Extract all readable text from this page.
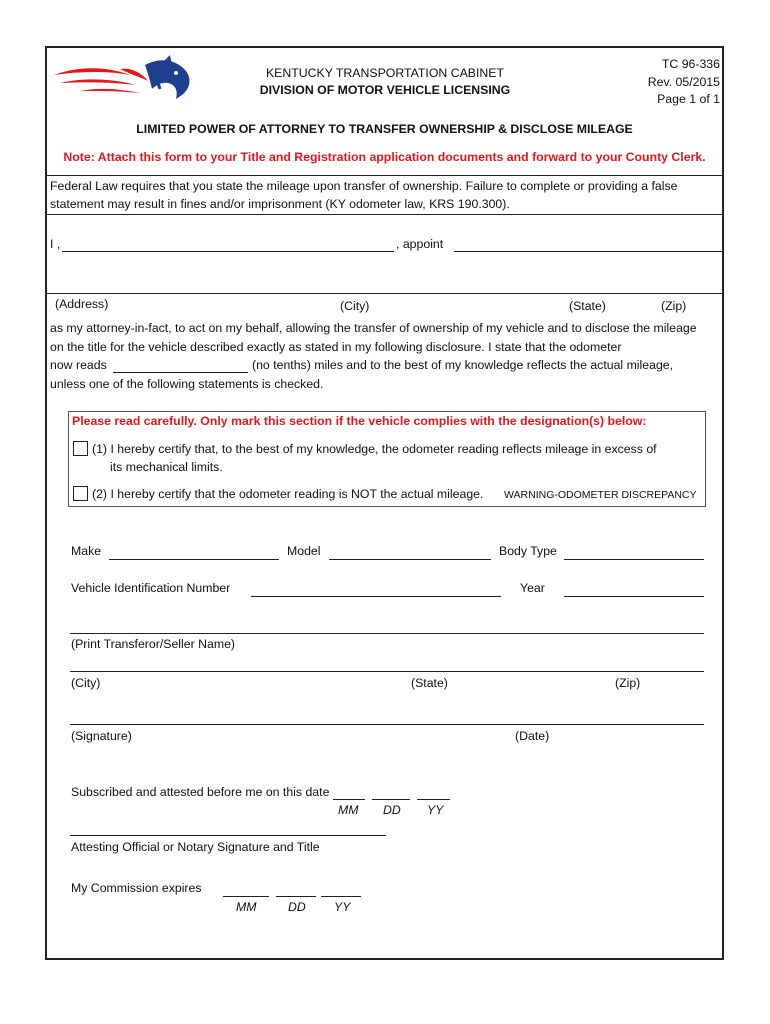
KENTUCKY TRANSPORTATION CABINET
DIVISION OF MOTOR VEHICLE LICENSING
TC 96-336
Rev. 05/2015
Page 1 of 1
LIMITED POWER OF ATTORNEY TO TRANSFER OWNERSHIP & DISCLOSE MILEAGE
Note: Attach this form to your Title and Registration application documents and forward to your County Clerk.
Federal Law requires that you state the mileage upon transfer of ownership. Failure to complete or providing a false
statement may result in fines and/or imprisonment (KY odometer law, KRS 190.300).
I ,	, appoint
(Address)	(City)	(State)	(Zip)
as my attorney-in-fact, to act on my behalf, allowing the transfer of ownership of my vehicle and to disclose the mileage
on the title for the vehicle described exactly as stated in my following disclosure. I state that the odometer
now reads	(no tenths) miles and to the best of my knowledge reflects the actual mileage,
unless one of the following statements is checked.
Please read carefully. Only mark this section if the vehicle complies with the designation(s) below:
(1) I hereby certify that, to the best of my knowledge, the odometer reading reflects mileage in excess of
its mechanical limits.
(2) I hereby certify that the odometer reading is NOT the actual mileage. WARNING-ODOMETER DISCREPANCY
Make	Model	Body Type
Vehicle Identification Number	Year
(Print Transferor/Seller Name)
(City)	(State)	(Zip)
(Signature)	(Date)
Subscribed and attested before me on this date
MM DD YY
Attesting Official or Notary Signature and Title
My Commission expires
MM	DD YY
